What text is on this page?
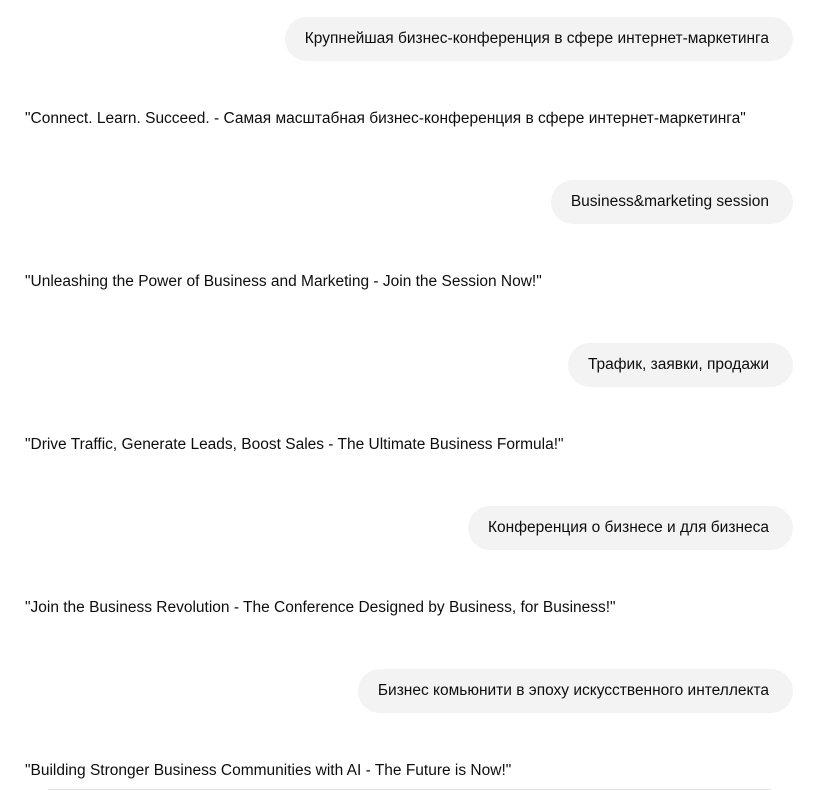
Крупнейшая бизнес-конференция в сфере интернет-маркетинга
"Connect. Learn. Succeed. - Самая масштабная бизнес-конференция в сфере интернет-маркетинга"
Business&marketing session
"Unleashing the Power of Business and Marketing - Join the Session Now!"
Трафик, заявки, продажи
"Drive Traffic, Generate Leads, Boost Sales - The Ultimate Business Formula!"
Конференция о бизнесе и для бизнеса
"Join the Business Revolution - The Conference Designed by Business, for Business!"
Бизнес комьюнити в эпоху искусственного интеллекта
"Building Stronger Business Communities with AI - The Future is Now!"
